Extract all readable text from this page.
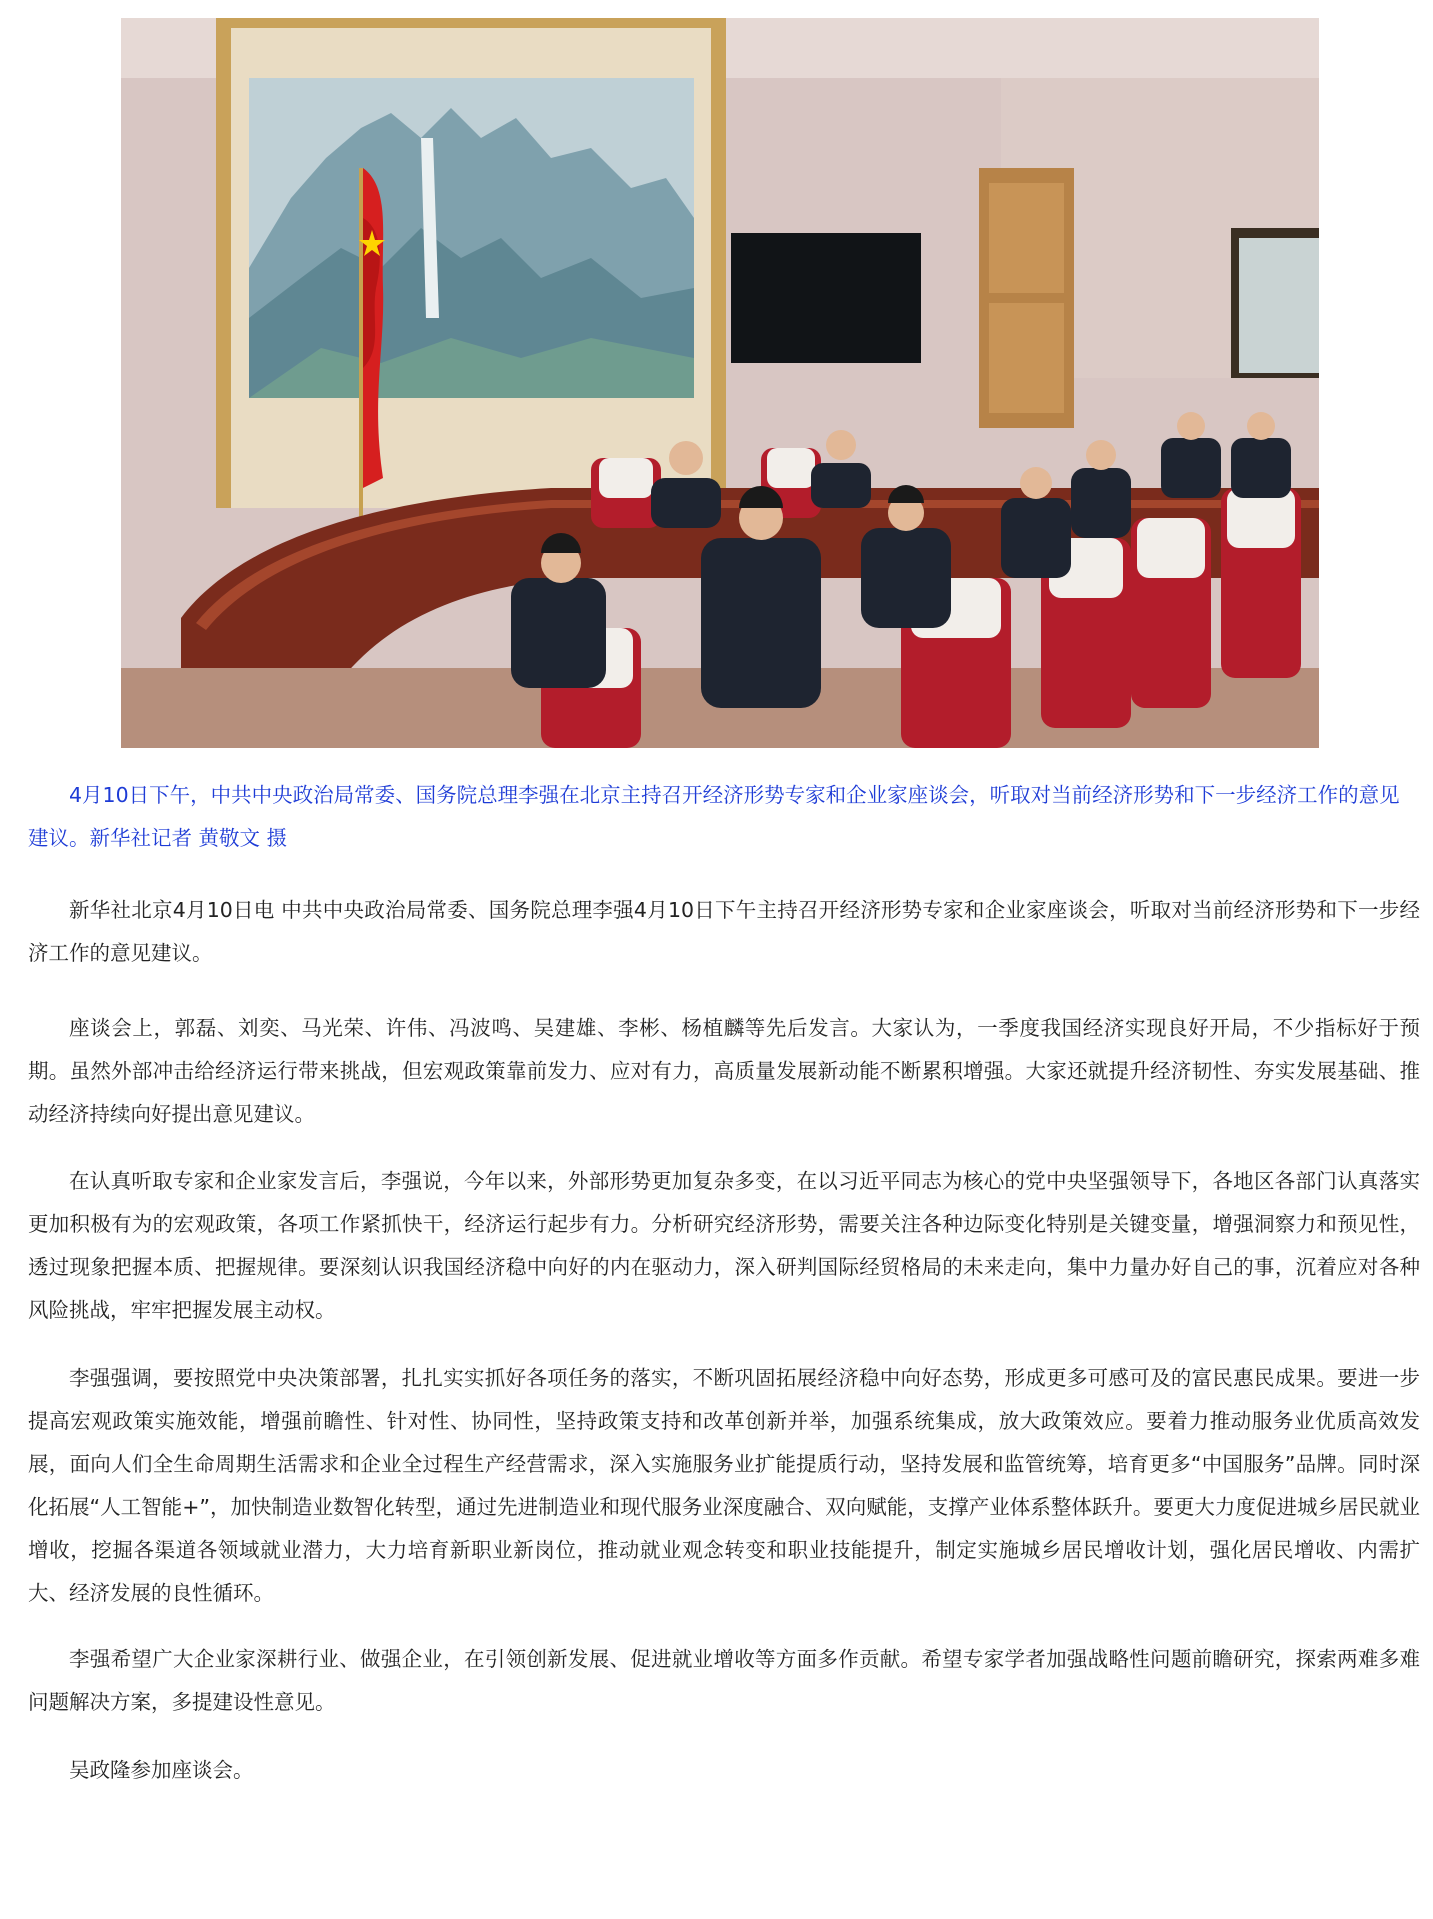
4月10日下午，中共中央政治局常委、国务院总理李强在北京主持召开经济形势专家和企业家座谈会，听取对当前经济形势和下一步经济工作的意见建议。新华社记者 黄敬文 摄

新华社北京4月10日电 中共中央政治局常委、国务院总理李强4月10日下午主持召开经济形势专家和企业家座谈会，听取对当前经济形势和下一步经济工作的意见建议。

座谈会上，郭磊、刘奕、马光荣、许伟、冯波鸣、吴建雄、李彬、杨植麟等先后发言。大家认为，一季度我国经济实现良好开局，不少指标好于预期。虽然外部冲击给经济运行带来挑战，但宏观政策靠前发力、应对有力，高质量发展新动能不断累积增强。大家还就提升经济韧性、夯实发展基础、推动经济持续向好提出意见建议。

在认真听取专家和企业家发言后，李强说，今年以来，外部形势更加复杂多变，在以习近平同志为核心的党中央坚强领导下，各地区各部门认真落实更加积极有为的宏观政策，各项工作紧抓快干，经济运行起步有力。分析研究经济形势，需要关注各种边际变化特别是关键变量，增强洞察力和预见性，透过现象把握本质、把握规律。要深刻认识我国经济稳中向好的内在驱动力，深入研判国际经贸格局的未来走向，集中力量办好自己的事，沉着应对各种风险挑战，牢牢把握发展主动权。

李强强调，要按照党中央决策部署，扎扎实实抓好各项任务的落实，不断巩固拓展经济稳中向好态势，形成更多可感可及的富民惠民成果。要进一步提高宏观政策实施效能，增强前瞻性、针对性、协同性，坚持政策支持和改革创新并举，加强系统集成，放大政策效应。要着力推动服务业优质高效发展，面向人们全生命周期生活需求和企业全过程生产经营需求，深入实施服务业扩能提质行动，坚持发展和监管统筹，培育更多“中国服务”品牌。同时深化拓展“人工智能+”，加快制造业数智化转型，通过先进制造业和现代服务业深度融合、双向赋能，支撑产业体系整体跃升。要更大力度促进城乡居民就业增收，挖掘各渠道各领域就业潜力，大力培育新职业新岗位，推动就业观念转变和职业技能提升，制定实施城乡居民增收计划，强化居民增收、内需扩大、经济发展的良性循环。

李强希望广大企业家深耕行业、做强企业，在引领创新发展、促进就业增收等方面多作贡献。希望专家学者加强战略性问题前瞻研究，探索两难多难问题解决方案，多提建设性意见。

吴政隆参加座谈会。
